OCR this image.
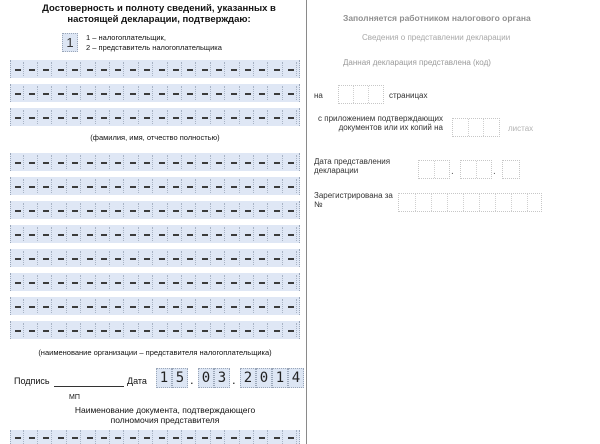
Достоверность и полноту сведений, указанных в настоящей декларации, подтверждаю:
1	1 – налогоплательщик,
2 – представитель налогоплательщика
(фамилия, имя, отчество полностью)
(наименование организации – представителя налогоплательщика)
Подпись	Дата 1 5 . 0 3 . 2 0 1 4
МП
Наименование документа, подтверждающего полномочия представителя
Заполняется работником налогового органа
Сведения о представлении декларации
Данная декларация представлена (код)
на	страницах
с приложением подтверждающих документов или их копий на	листах
Дата представления декларации	.	.
Зарегистрирована за №
